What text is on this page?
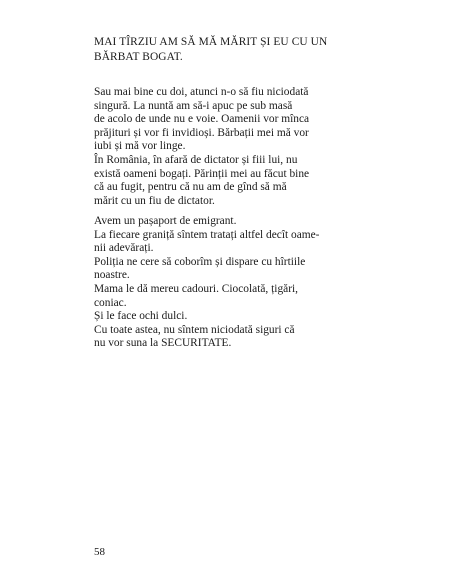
MAI TÎRZIU AM SĂ MĂ MĂRIT ȘI EU CU UN
BĂRBAT BOGAT.
Sau mai bine cu doi, atunci n-o să fiu niciodată
singură. La nuntă am să-i apuc pe sub masă
de acolo de unde nu e voie. Oamenii vor mînca
prăjituri și vor fi invidioși. Bărbații mei mă vor
iubi și mă vor linge.
În România, în afară de dictator și fiii lui, nu
există oameni bogați. Părinții mei au făcut bine
că au fugit, pentru că nu am de gînd să mă
mărit cu un fiu de dictator.
Avem un pașaport de emigrant.
La fiecare graniță sîntem tratați altfel decît oame-
nii adevărați.
Poliția ne cere să coborîm și dispare cu hîrtiile
noastre.
Mama le dă mereu cadouri. Ciocolată, țigări,
coniac.
Și le face ochi dulci.
Cu toate astea, nu sîntem niciodată siguri că
nu vor suna la SECURITATE.

58
